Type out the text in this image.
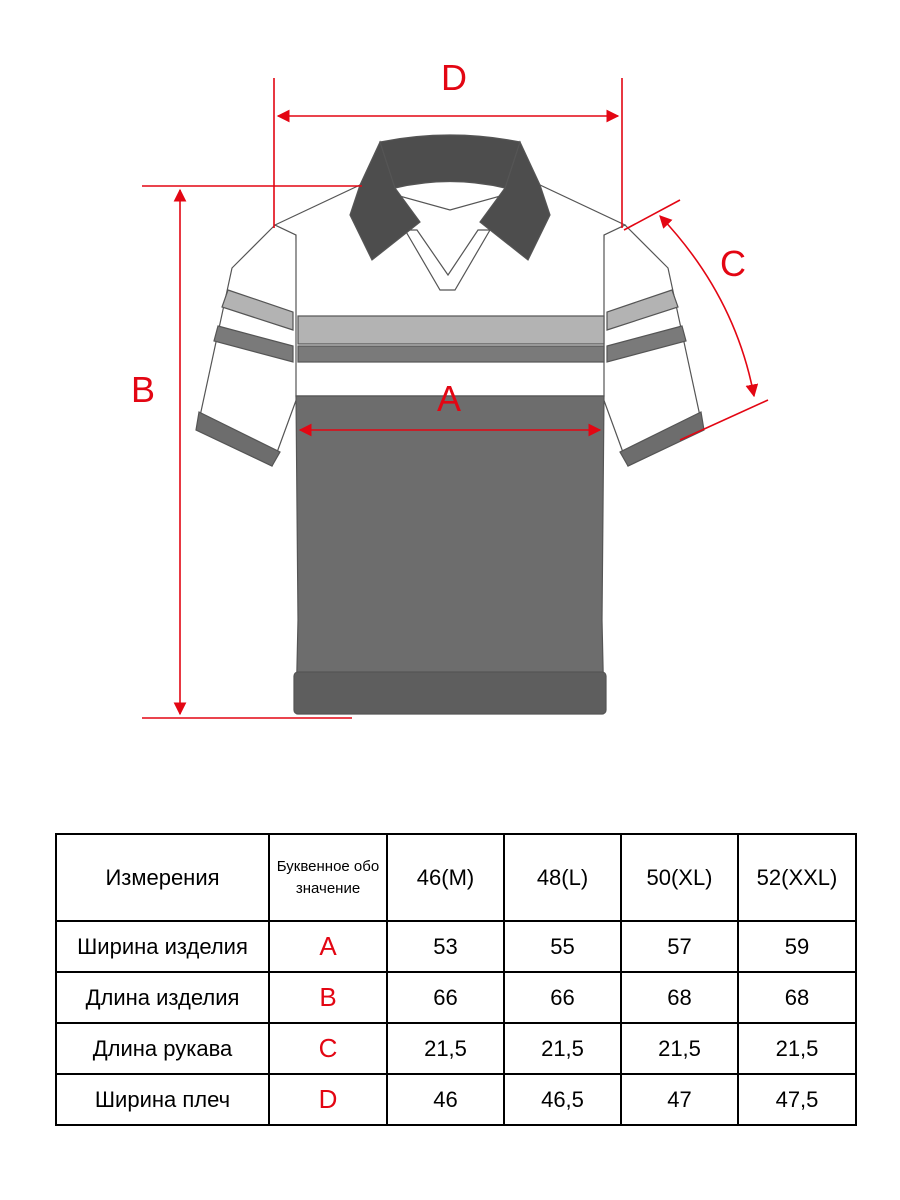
D
B	A
C
Измерения	Буквенное обозначение	46(M)	48(L)	50(XL)	52(XXL)
Ширина изделия	A	53	55	57	59
Длина изделия	B	66	66	68	68
Длина рукава	C	21,5	21,5	21,5	21,5
Ширина плеч	D	46	46,5	47	47,5
